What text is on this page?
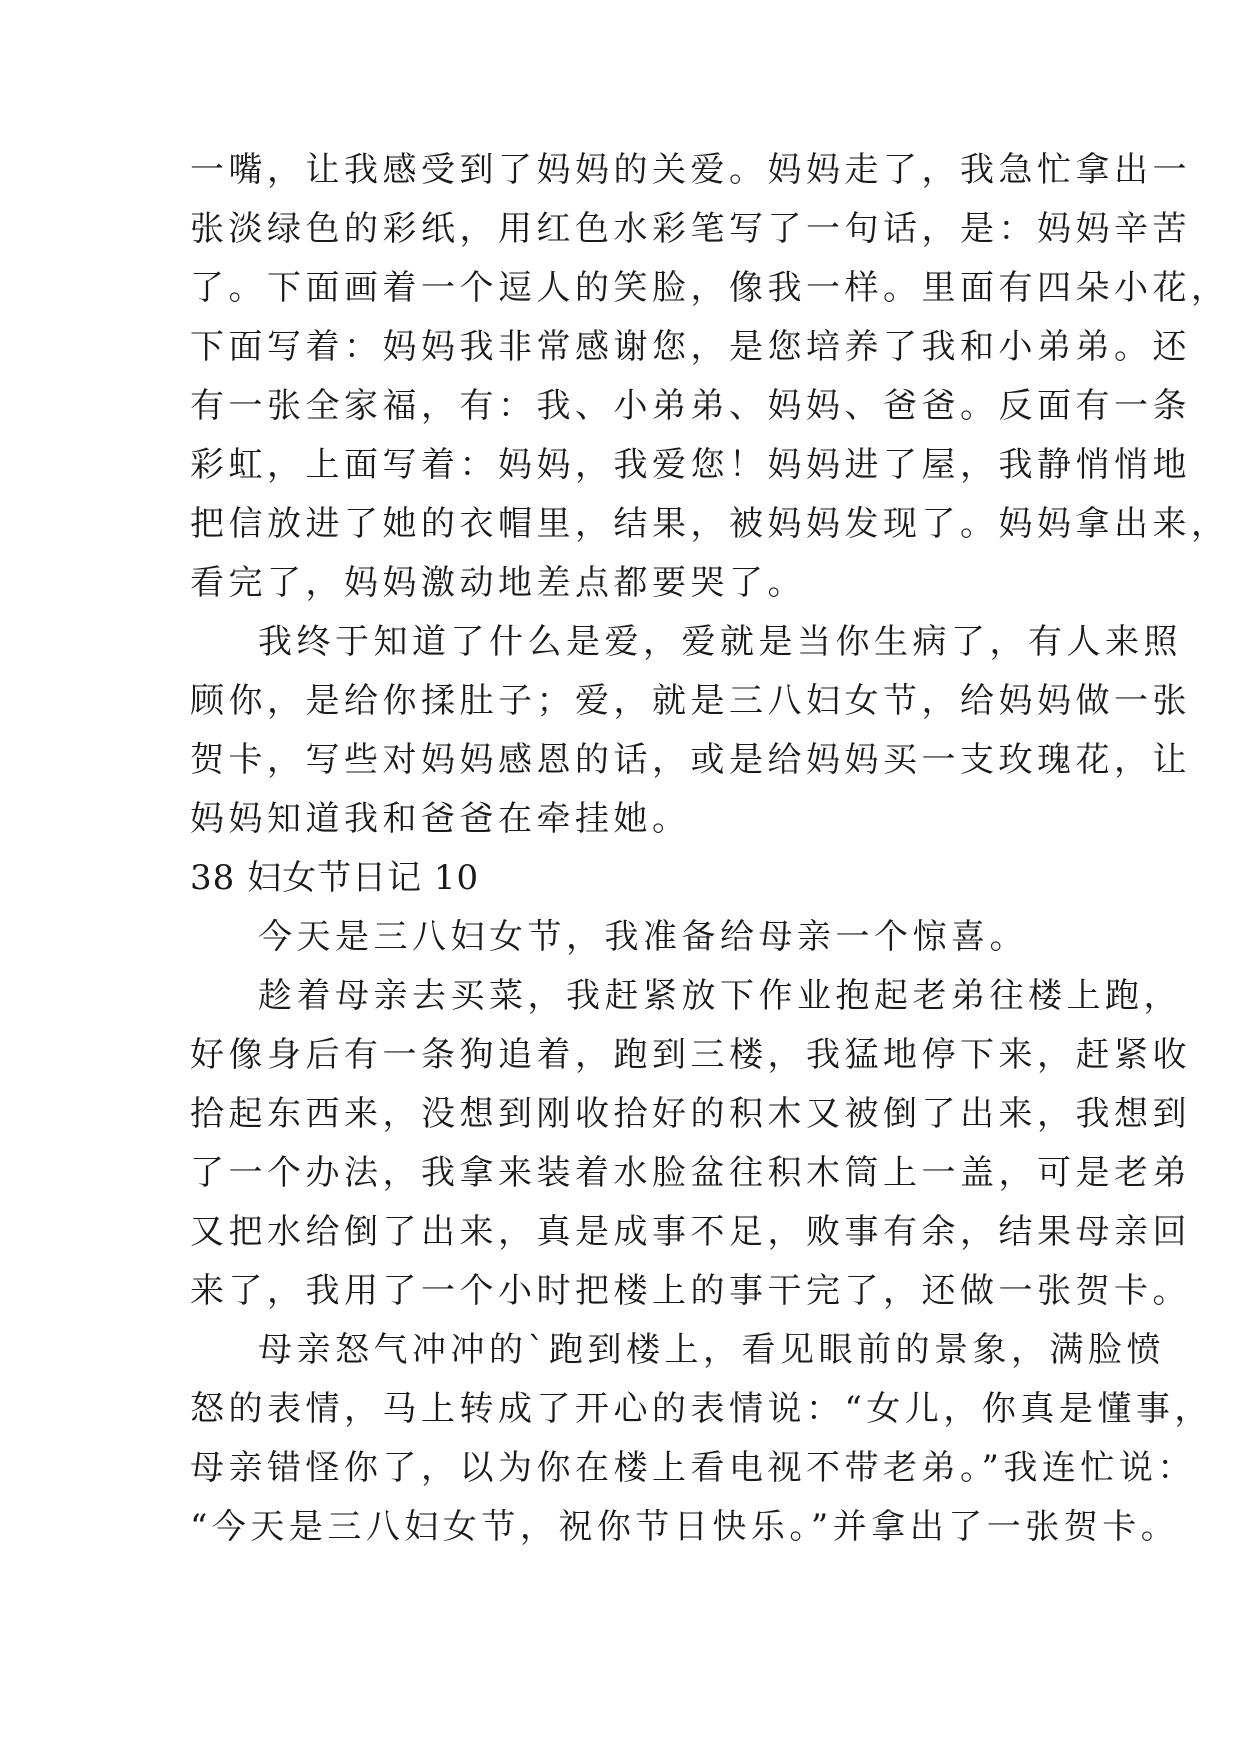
一嘴，让我感受到了妈妈的关爱。妈妈走了，我急忙拿出一
张淡绿色的彩纸，用红色水彩笔写了一句话，是：妈妈辛苦
了。下面画着一个逗人的笑脸，像我一样。里面有四朵小花，
下面写着：妈妈我非常感谢您，是您培养了我和小弟弟。还
有一张全家福，有：我、小弟弟、妈妈、爸爸。反面有一条
彩虹，上面写着：妈妈，我爱您！妈妈进了屋，我静悄悄地
把信放进了她的衣帽里，结果，被妈妈发现了。妈妈拿出来，
看完了，妈妈激动地差点都要哭了。
我终于知道了什么是爱，爱就是当你生病了，有人来照
顾你，是给你揉肚子；爱，就是三八妇女节，给妈妈做一张
贺卡，写些对妈妈感恩的话，或是给妈妈买一支玫瑰花，让
妈妈知道我和爸爸在牵挂她。
38 妇女节日记 10
今天是三八妇女节，我准备给母亲一个惊喜。
趁着母亲去买菜，我赶紧放下作业抱起老弟往楼上跑，
好像身后有一条狗追着，跑到三楼，我猛地停下来，赶紧收
拾起东西来，没想到刚收拾好的积木又被倒了出来，我想到
了一个办法，我拿来装着水脸盆往积木筒上一盖，可是老弟
又把水给倒了出来，真是成事不足，败事有余，结果母亲回
来了，我用了一个小时把楼上的事干完了，还做一张贺卡。
母亲怒气冲冲的`跑到楼上，看见眼前的景象，满脸愤
怒的表情，马上转成了开心的表情说：“女儿，你真是懂事，
母亲错怪你了，以为你在楼上看电视不带老弟。”我连忙说：
“今天是三八妇女节，祝你节日快乐。”并拿出了一张贺卡。
